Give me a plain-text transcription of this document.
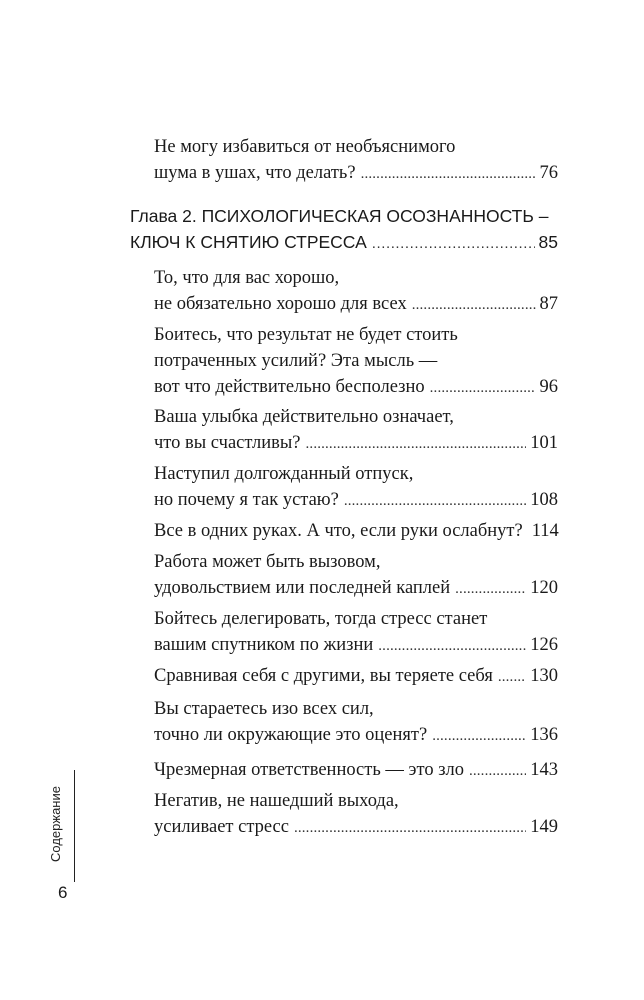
Не могу избавиться от необъяснимого
шума в ушах, что делать? . . .	76
Глава 2. ПСИХОЛОГИЧЕСКАЯ ОСОЗНАННОСТЬ –
КЛЮЧ К СНЯТИЮ СТРЕССА . . .	85
То, что для вас хорошо,
не обязательно хорошо для всех . . .	87
Боитесь, что результат не будет стоить
потраченных усилий? Эта мысль —
вот что действительно бесполезно . . .	96
Ваша улыбка действительно означает,
что вы счастливы? . . .	101
Наступил долгожданный отпуск,
но почему я так устаю? . . .	108
Все в одних руках. А что, если руки ослабнут? 114
Работа может быть вызовом,
удовольствием или последней каплей . . .	120
Бойтесь делегировать, тогда стресс станет
вашим спутником по жизни . . .	126
Сравнивая себя с другими, вы теряете себя . . . 130
Вы стараетесь изо всех сил,
точно ли окружающие это оценят? . . .	136
Чрезмерная ответственность — это зло . . .	143
Негатив, не нашедший выхода,
усиливает стресс . . .	149
Содержание
6
